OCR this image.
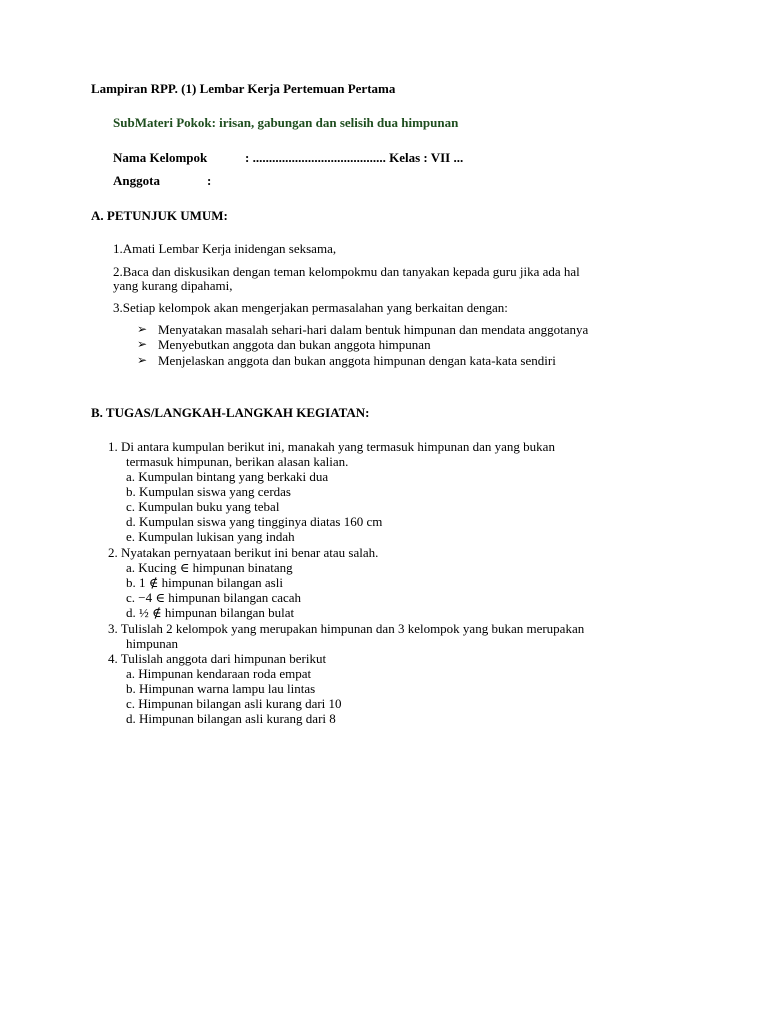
Lampiran RPP. (1) Lembar Kerja Pertemuan Pertama
SubMateri Pokok: irisan, gabungan dan selisih dua himpunan
Nama Kelompok	: ......................................... Kelas : VII ...
Anggota	:
A. PETUNJUK UMUM:
1.Amati Lembar Kerja inidengan seksama,
2.Baca dan diskusikan dengan teman kelompokmu dan tanyakan kepada guru jika ada hal
yang kurang dipahami,
3.Setiap kelompok akan mengerjakan permasalahan yang berkaitan dengan:
➢ Menyatakan masalah sehari-hari dalam bentuk himpunan dan mendata anggotanya
➢ Menyebutkan anggota dan bukan anggota himpunan
➢ Menjelaskan anggota dan bukan anggota himpunan dengan kata-kata sendiri
B. TUGAS/LANGKAH-LANGKAH KEGIATAN:
1. Di antara kumpulan berikut ini, manakah yang termasuk himpunan dan yang bukan
termasuk himpunan, berikan alasan kalian.
a. Kumpulan bintang yang berkaki dua
b. Kumpulan siswa yang cerdas
c. Kumpulan buku yang tebal
d. Kumpulan siswa yang tingginya diatas 160 cm
e. Kumpulan lukisan yang indah
2. Nyatakan pernyataan berikut ini benar atau salah.
a. Kucing ∈ himpunan binatang
b. 1 ∉ himpunan bilangan asli
c. −4 ∈ himpunan bilangan cacah
d. ½ ∉ himpunan bilangan bulat
3. Tulislah 2 kelompok yang merupakan himpunan dan 3 kelompok yang bukan merupakan
himpunan
4. Tulislah anggota dari himpunan berikut
a. Himpunan kendaraan roda empat
b. Himpunan warna lampu lau lintas
c. Himpunan bilangan asli kurang dari 10
d. Himpunan bilangan asli kurang dari 8
